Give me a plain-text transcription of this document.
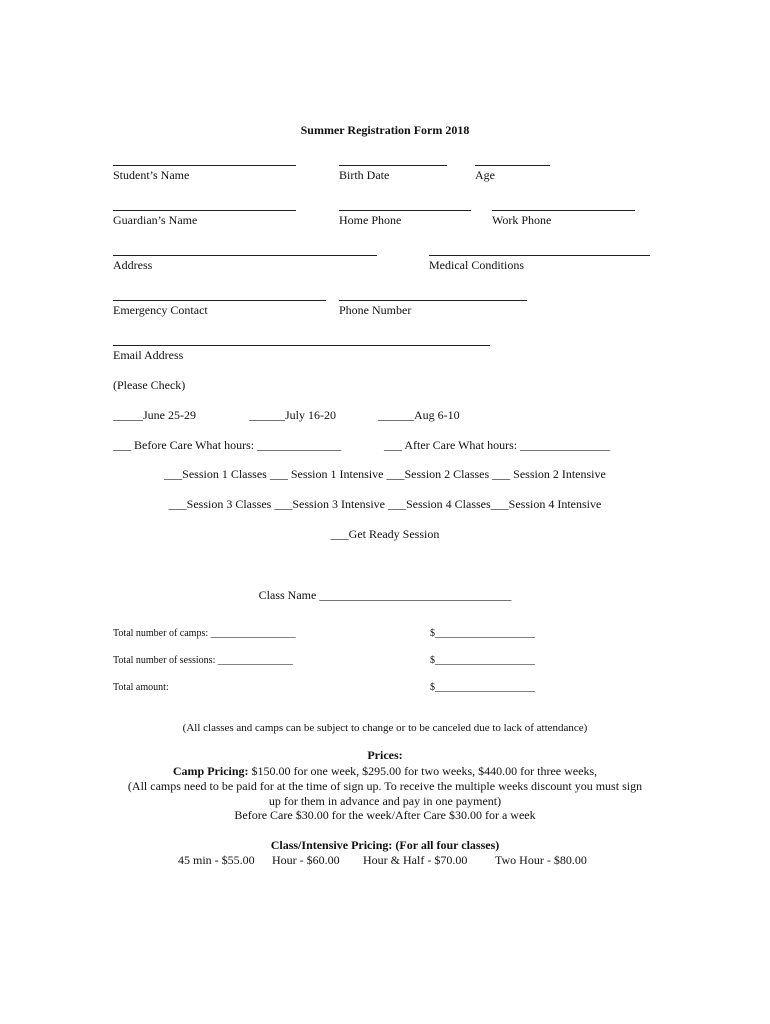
Summer Registration Form 2018
Student’s Name	Birth Date	Age
Guardian’s Name	Home Phone	Work Phone
Address	Medical Conditions
Emergency Contact	Phone Number
Email Address
(Please Check)
_____June 25-29	______July 16-20	______Aug 6-10
___ Before Care What hours: ______________	___ After Care What hours: _______________
___Session 1 Classes ___ Session 1 Intensive ___Session 2 Classes ___ Session 2 Intensive
___Session 3 Classes ___Session 3 Intensive ___Session 4 Classes___Session 4 Intensive
___Get Ready Session
Class Name ________________________________
Total number of camps: _________________	$____________________
Total number of sessions: _______________	$____________________
Total amount:	$____________________
(All classes and camps can be subject to change or to be canceled due to lack of attendance)
Prices:
Camp Pricing: $150.00 for one week, $295.00 for two weeks, $440.00 for three weeks,
(All camps need to be paid for at the time of sign up. To receive the multiple weeks discount you must sign
up for them in advance and pay in one payment)
Before Care $30.00 for the week/After Care $30.00 for a week
Class/Intensive Pricing: (For all four classes)
45 min - $55.00 Hour - $60.00 Hour & Half - $70.00 Two Hour - $80.00
